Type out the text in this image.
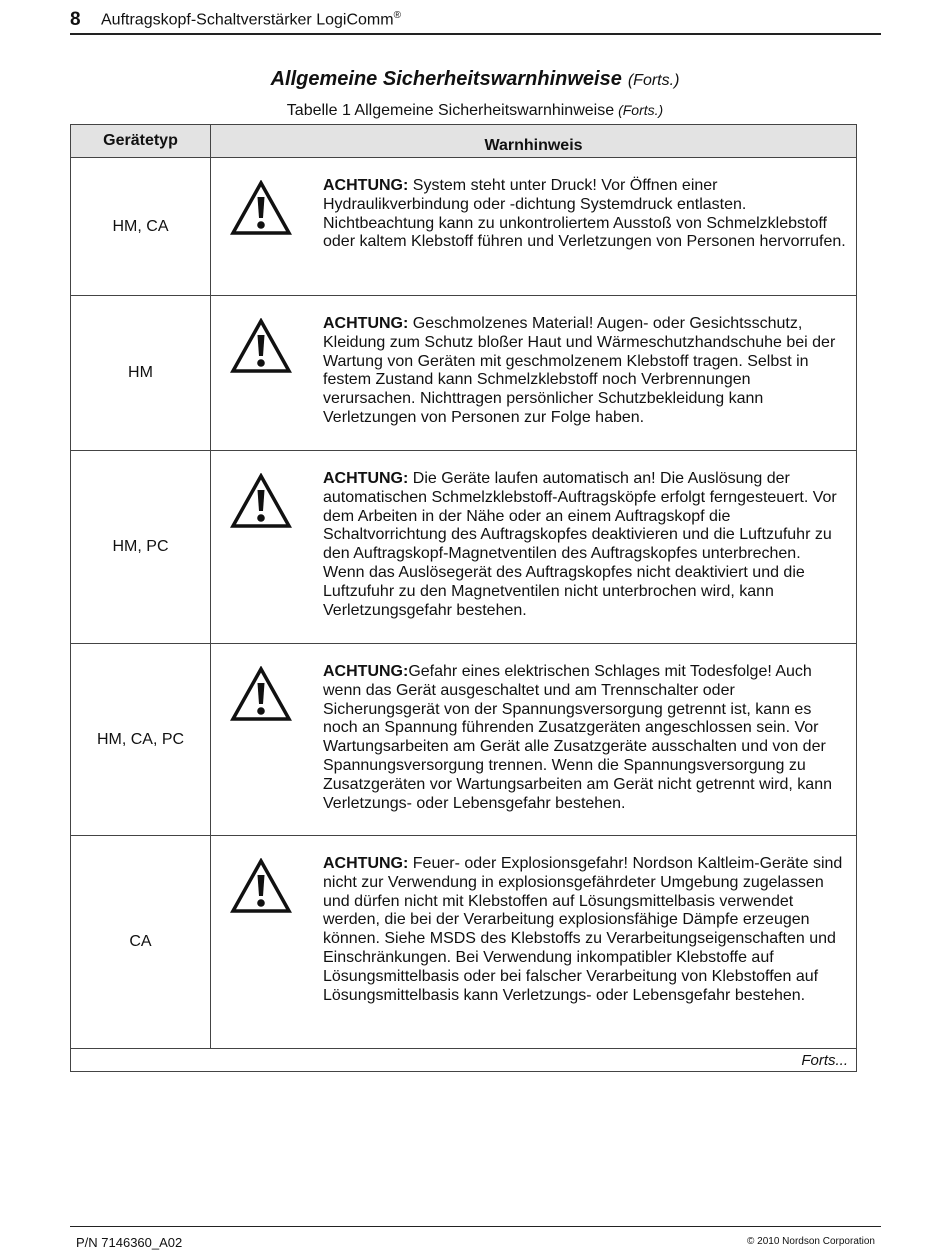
8 Auftragskopf-Schaltverstärker LogiComm®
Allgemeine Sicherheitswarnhinweise (Forts.)
Tabelle 1 Allgemeine Sicherheitswarnhinweise (Forts.)
Gerätetyp	Warnhinweis
HM, CA	ACHTUNG: System steht unter Druck! Vor Öffnen einer Hydraulikverbindung oder -dichtung Systemdruck entlasten. Nichtbeachtung kann zu unkontroliertem Ausstoß von Schmelzklebstoff oder kaltem Klebstoff führen und Verletzungen von Personen hervorrufen.

HM	ACHTUNG: Geschmolzenes Material! Augen- oder Gesichtsschutz, Kleidung zum Schutz bloßer Haut und Wärmeschutzhandschuhe bei der Wartung von Geräten mit geschmolzenem Klebstoff tragen. Selbst in festem Zustand kann Schmelzklebstoff noch Verbrennungen verursachen. Nichttragen persönlicher Schutzbekleidung kann Verletzungen von Personen zur Folge haben.

HM, PC	ACHTUNG: Die Geräte laufen automatisch an! Die Auslösung der automatischen Schmelzklebstoff-Auftragsköpfe erfolgt ferngesteuert. Vor dem Arbeiten in der Nähe oder an einem Auftragskopf die Schaltvorrichtung des Auftragskopfes deaktivieren und die Luftzufuhr zu den Auftragskopf-Magnetventilen des Auftragskopfes unterbrechen. Wenn das Auslösegerät des Auftragskopfes nicht deaktiviert und die Luftzufuhr zu den Magnetventilen nicht unterbrochen wird, kann Verletzungsgefahr bestehen.

HM, CA, PC	ACHTUNG:Gefahr eines elektrischen Schlages mit Todesfolge! Auch wenn das Gerät ausgeschaltet und am Trennschalter oder Sicherungsgerät von der Spannungsversorgung getrennt ist, kann es noch an Spannung führenden Zusatzgeräten angeschlossen sein. Vor Wartungsarbeiten am Gerät alle Zusatzgeräte ausschalten und von der Spannungsversorgung trennen. Wenn die Spannungsversorgung zu Zusatzgeräten vor Wartungsarbeiten am Gerät nicht getrennt wird, kann Verletzungs- oder Lebensgefahr bestehen.

CA	ACHTUNG: Feuer- oder Explosionsgefahr! Nordson Kaltleim-Geräte sind nicht zur Verwendung in explosionsgefährdeter Umgebung zugelassen und dürfen nicht mit Klebstoffen auf Lösungsmittelbasis verwendet werden, die bei der Verarbeitung explosionsfähige Dämpfe erzeugen können. Siehe MSDS des Klebstoffs zu Verarbeitungseigenschaften und Einschränkungen. Bei Verwendung inkompatibler Klebstoffe auf Lösungsmittelbasis oder bei falscher Verarbeitung von Klebstoffen auf Lösungsmittelbasis kann Verletzungs- oder Lebensgefahr bestehen.

Forts...	
P/N 7146360_A02	© 2010 Nordson Corporation
